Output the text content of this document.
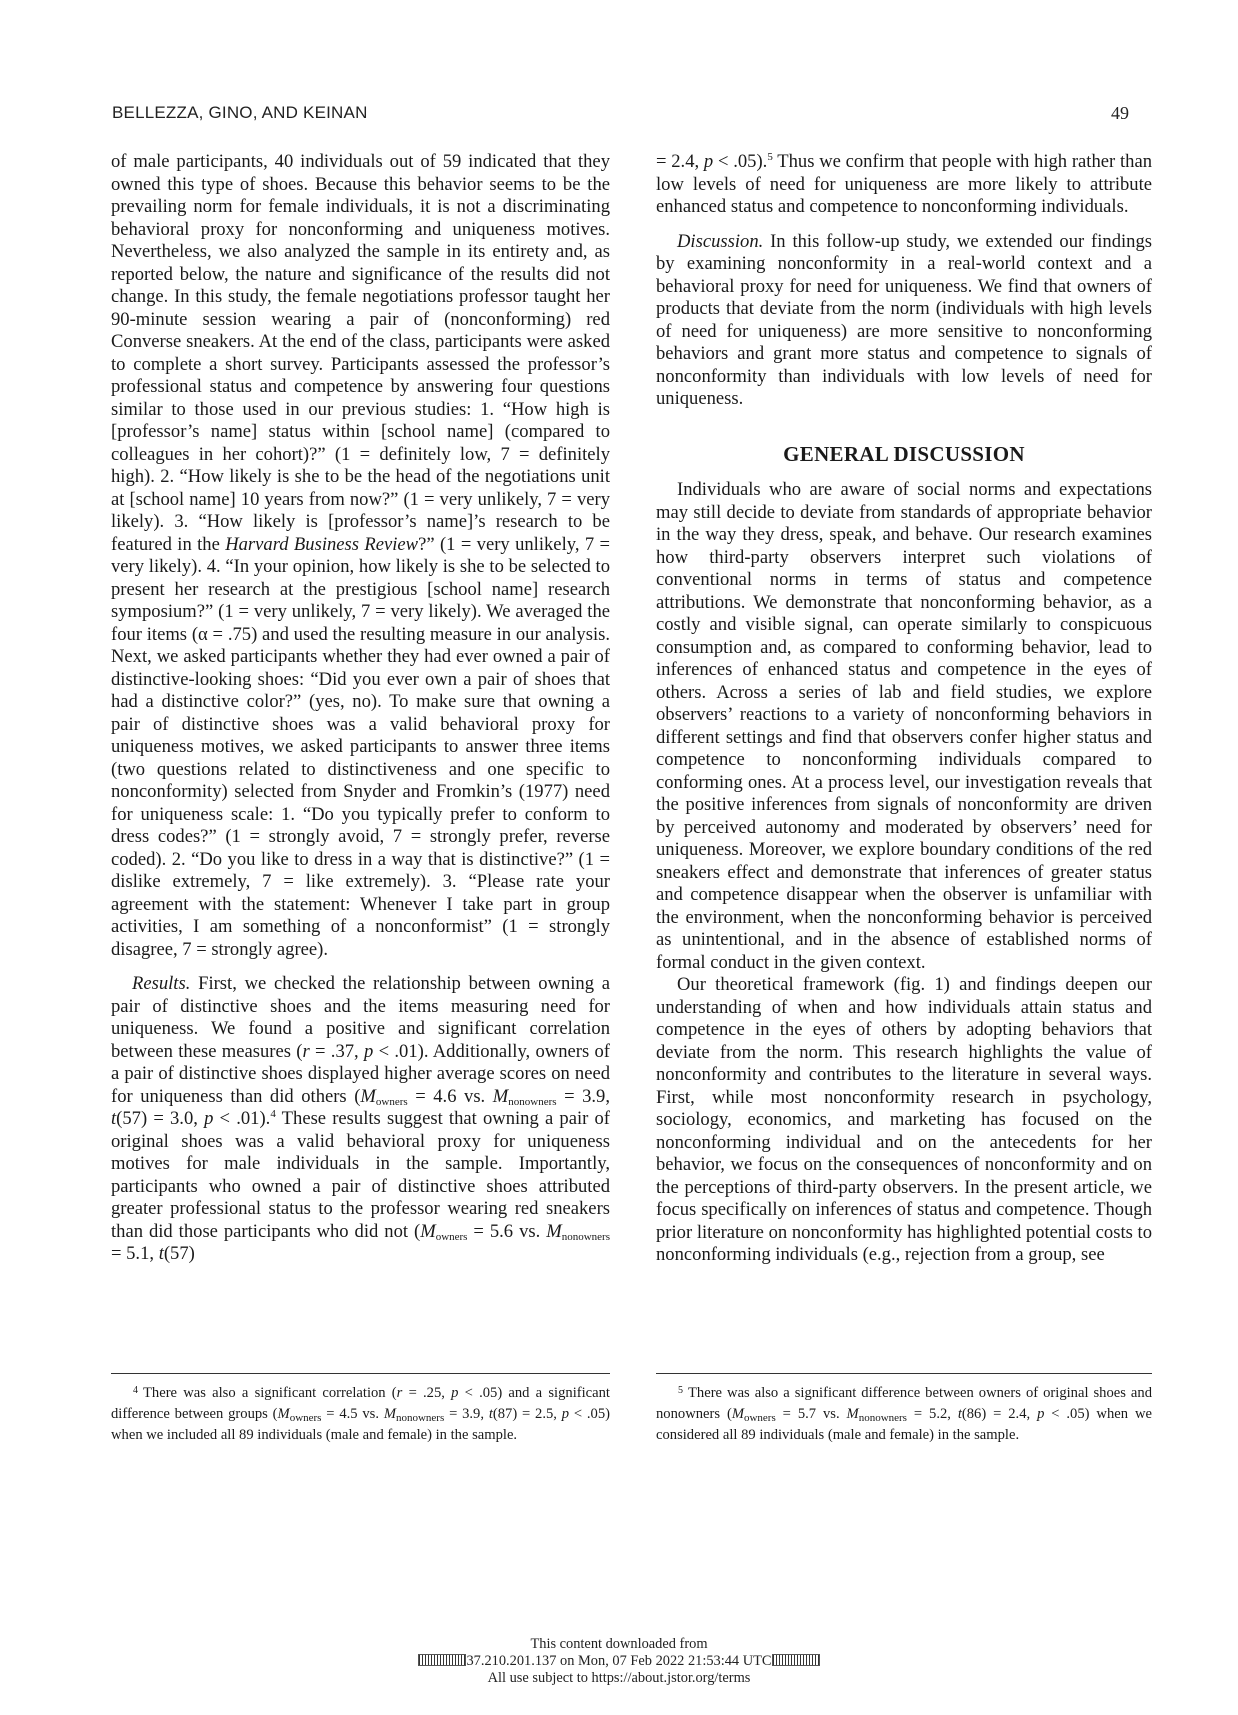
BELLEZZA, GINO, AND KEINAN	49

of male participants, 40 individuals out of 59 indicated that they owned this type of shoes. Because this behavior seems to be the prevailing norm for female individuals, it is not a discriminating behavioral proxy for nonconforming and uniqueness motives. Nevertheless, we also analyzed the sample in its entirety and, as reported below, the nature and significance of the results did not change. In this study, the female negotiations professor taught her 90-minute session wearing a pair of (nonconforming) red Converse sneakers. At the end of the class, participants were asked to complete a short survey. Participants assessed the professor’s professional status and competence by answering four questions similar to those used in our previous studies: 1. “How high is [professor’s name] status within [school name] (compared to colleagues in her cohort)?” (1 = definitely low, 7 = definitely high). 2. “How likely is she to be the head of the negotiations unit at [school name] 10 years from now?” (1 = very unlikely, 7 = very likely). 3. “How likely is [professor’s name]’s research to be featured in the Harvard Business Review?” (1 = very unlikely, 7 = very likely). 4. “In your opinion, how likely is she to be selected to present her research at the prestigious [school name] research symposium?” (1 = very unlikely, 7 = very likely). We averaged the four items (α = .75) and used the resulting measure in our analysis. Next, we asked participants whether they had ever owned a pair of distinctive-looking shoes: “Did you ever own a pair of shoes that had a distinctive color?” (yes, no). To make sure that owning a pair of distinctive shoes was a valid behavioral proxy for uniqueness motives, we asked participants to answer three items (two questions related to distinctiveness and one specific to nonconformity) selected from Snyder and Fromkin’s (1977) need for uniqueness scale: 1. “Do you typically prefer to conform to dress codes?” (1 = strongly avoid, 7 = strongly prefer, reverse coded). 2. “Do you like to dress in a way that is distinctive?” (1 = dislike extremely, 7 = like extremely). 3. “Please rate your agreement with the statement: Whenever I take part in group activities, I am something of a nonconformist” (1 = strongly disagree, 7 = strongly agree).

Results. First, we checked the relationship between owning a pair of distinctive shoes and the items measuring need for uniqueness. We found a positive and significant correlation between these measures (r = .37, p < .01). Additionally, owners of a pair of distinctive shoes displayed higher average scores on need for uniqueness than did others ($M_{owners} = 4.6$ vs. $M_{nonowners} = 3.9$, t(57) = 3.0, p < .01).$^4$ These results suggest that owning a pair of original shoes was a valid behavioral proxy for uniqueness motives for male individuals in the sample. Importantly, participants who owned a pair of distinctive shoes attributed greater professional status to the professor wearing red sneakers than did those participants who did not ($M_{owners} = 5.6$ vs. $M_{nonowners} = 5.1$, t(57)

= 2.4, p < .05).$^5$ Thus we confirm that people with high rather than low levels of need for uniqueness are more likely to attribute enhanced status and competence to nonconforming individuals.

Discussion. In this follow-up study, we extended our findings by examining nonconformity in a real-world context and a behavioral proxy for need for uniqueness. We find that owners of products that deviate from the norm (individuals with high levels of need for uniqueness) are more sensitive to nonconforming behaviors and grant more status and competence to signals of nonconformity than individuals with low levels of need for uniqueness.

GENERAL DISCUSSION

Individuals who are aware of social norms and expectations may still decide to deviate from standards of appropriate behavior in the way they dress, speak, and behave. Our research examines how third-party observers interpret such violations of conventional norms in terms of status and competence attributions. We demonstrate that nonconforming behavior, as a costly and visible signal, can operate similarly to conspicuous consumption and, as compared to conforming behavior, lead to inferences of enhanced status and competence in the eyes of others. Across a series of lab and field studies, we explore observers’ reactions to a variety of nonconforming behaviors in different settings and find that observers confer higher status and competence to nonconforming individuals compared to conforming ones. At a process level, our investigation reveals that the positive inferences from signals of nonconformity are driven by perceived autonomy and moderated by observers’ need for uniqueness. Moreover, we explore boundary conditions of the red sneakers effect and demonstrate that inferences of greater status and competence disappear when the observer is unfamiliar with the environment, when the nonconforming behavior is perceived as unintentional, and in the absence of established norms of formal conduct in the given context.

Our theoretical framework (fig. 1) and findings deepen our understanding of when and how individuals attain status and competence in the eyes of others by adopting behaviors that deviate from the norm. This research highlights the value of nonconformity and contributes to the literature in several ways. First, while most nonconformity research in psychology, sociology, economics, and marketing has focused on the nonconforming individual and on the antecedents for her behavior, we focus on the consequences of nonconformity and on the perceptions of third-party observers. In the present article, we focus specifically on inferences of status and competence. Though prior literature on nonconformity has highlighted potential costs to nonconforming individuals (e.g., rejection from a group, see

$^4$ There was also a significant correlation (r = .25, p < .05) and a significant difference between groups ($M_{owners} = 4.5$ vs. $M_{nonowners} = 3.9$, t(87) = 2.5, p < .05) when we included all 89 individuals (male and female) in the sample.
$^5$ There was also a significant difference between owners of original shoes and nonowners ($M_{owners} = 5.7$ vs. $M_{nonowners} = 5.2$, t(86) = 2.4, p < .05) when we considered all 89 individuals (male and female) in the sample.
This content downloaded from
37.210.201.137 on Mon, 07 Feb 2022 21:53:44 UTC
All use subject to https://about.jstor.org/terms
